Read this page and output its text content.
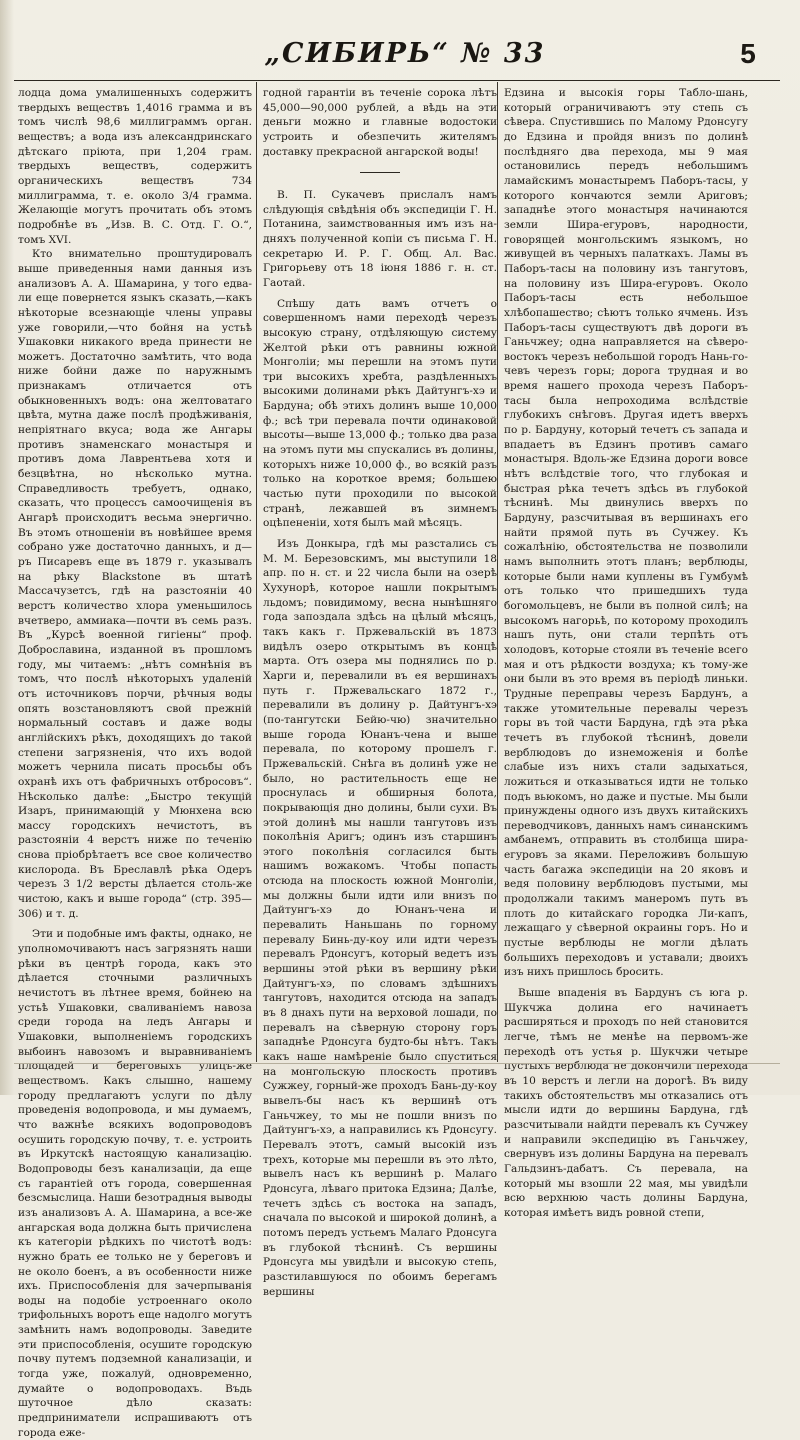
„СИБИРЬ“ № 33	5

лодца дома умалишенныхъ содержитъ твердыхъ веществъ 1,4016 грамма и въ томъ числѣ 98,6 миллиграммъ орган. веществъ; а вода изъ александринскаго дѣтскаго пріюта, при 1,204 грам. твердыхъ веществъ, содержитъ органическихъ веществъ 734 миллиграмма, т. е. около 3/4 грамма. Желающіе могутъ прочитать объ этомъ подробнѣе въ „Изв. В. С. Отд. Г. О.“, томъ XVI.

Кто внимательно проштудировалъ выше приведенныя нами данныя изъ анализовъ А. А. Шамарина, у того едва-ли еще повернется языкъ сказать,—какъ нѣкоторые всезнающіе члены управы уже говорили,—что бойня на устьѣ Ушаковки никакого вреда принести не можетъ. Достаточно замѣтить, что вода ниже бойни даже по наружнымъ признакамъ отличается отъ обыкновенныхъ водъ: она желтоватаго цвѣта, мутна даже послѣ продѣживанія, непріятнаго вкуса; вода же Ангары противъ знаменскаго монастыря и противъ дома Лаврентьева хотя и безцвѣтна, но нѣсколько мутна. Справедливость требуетъ, однако, сказать, что процессъ самоочищенія въ Ангарѣ происходитъ весьма энергично. Въ этомъ отношеніи въ новѣйшее время собрано уже достаточно данныхъ, и д—ръ Писаревъ еще въ 1879 г. указывалъ на рѣку Blackstone въ штатѣ Массачузетсъ, гдѣ на разстояніи 40 верстъ количество хлора уменьшилось вчетверо, аммиака—почти въ семь разъ. Въ „Курсѣ военной гигіены“ проф. Доброславина, изданной въ прошломъ году, мы читаемъ: „нѣтъ сомнѣнія въ томъ, что послѣ нѣкоторыхъ удаленій отъ источниковъ порчи, рѣчныя воды опять возстановляютъ свой прежній нормальный составъ и даже воды англійскихъ рѣкъ, доходящихъ до такой степени загрязненія, что ихъ водой можетъ чернила писать просьбы объ охранѣ ихъ отъ фабричныхъ отбросовъ“. Нѣсколько далѣе: „Быстро текущій Изаръ, принимающій у Мюнхена всю массу городскихъ нечистотъ, въ разстояніи 4 верстъ ниже по теченію снова пріобрѣтаетъ все свое количество кислорода. Въ Бреславлѣ рѣка Одеръ черезъ 3 1/2 версты дѣлается столь-же чистою, какъ и выше города“ (стр. 395—306) и т. д.

Эти и подобные имъ факты, однако, не уполномочиваютъ насъ загрязнять наши рѣки въ центрѣ города, какъ это дѣлается сточными различныхъ нечистотъ въ лѣтнее время, бойнею на устьѣ Ушаковки, сваливаніемъ навоза среди города на ледъ Ангары и Ушаковки, выполненіемъ городскихъ выбоинъ навозомъ и выравниваніемъ площадей и береговыхъ улицъ-же веществомъ. Какъ слышно, нашему городу предлагаютъ услуги по дѣлу проведенія водопровода, и мы думаемъ, что важнѣе всякихъ водопроводовъ осушить городскую почву, т. е. устроить въ Иркутскѣ настоящую канализацію. Водопроводы безъ канализаціи, да еще съ гарантіей отъ города, совершенная безсмыслица. Наши безотрадныя выводы изъ анализовъ А. А. Шамарина, а все-же ангарская вода должна быть причислена къ категоріи рѣдкихъ по чистотѣ водъ: нужно брать ее только не у береговъ и не около боенъ, а въ особенности ниже ихъ. Приспособленія для зачерпыванія воды на подобіе устроеннаго около трифольныхъ воротъ еще надолго могутъ замѣнить намъ водопроводы. Заведите эти приспособленія, осушите городскую почву путемъ подземной канализаціи, и тогда уже, пожалуй, одновременно, думайте о водопроводахъ. Въдь шуточное дѣло сказать: предприниматели испрашиваютъ отъ города еже-

годной гарантіи въ теченіе сорока лѣтъ 45,000—90,000 рублей, а вѣдь на эти деньги можно и главные водостоки устроить и обезпечить жителямъ доставку прекрасной ангарской воды!

В. П. Сукачевъ прислалъ намъ слѣдующія свѣдѣнія объ экспедиціи Г. Н. Потанина, заимствованныя имъ изъ на-дняхъ полученной копіи съ письма Г. Н. секретарю И. Р. Г. Общ. Ал. Вас. Григорьеву отъ 18 іюня 1886 г. н. ст. Гаотай.

Спѣшу дать вамъ отчетъ о совершенномъ нами переходѣ черезъ высокую страну, отдѣляющую систему Желтой рѣки отъ равнины южной Монголіи; мы перешли на этомъ пути три высокихъ хребта, раздѣленныхъ высокими долинами рѣкъ Дайтунгъ-хэ и Бардуна; обѣ этихъ долинъ выше 10,000 ф.; всѣ три перевала почти одинаковой высоты—выше 13,000 ф.; только два раза на этомъ пути мы спускались въ долины, которыхъ ниже 10,000 ф., во всякій разъ только на короткое время; большею частью пути проходили по высокой странѣ, лежавшей въ зимнемъ оцѣпененіи, хотя былъ май мѣсяцъ.

Изъ Донкыра, гдѣ мы разстались съ М. М. Березовскимъ, мы выступили 18 апр. по н. ст. и 22 числа были на озерѣ Хухунорѣ, которое нашли покрытымъ льдомъ; повидимому, весна нынѣшняго года запоздала здѣсь на цѣлый мѣсяцъ, такъ какъ г. Пржевальскій въ 1873 видѣлъ озеро открытымъ въ концѣ марта. Отъ озера мы поднялись по р. Харги и, перевалили въ ея вершинахъ путь г. Пржевальскаго 1872 г., перевалили въ долину р. Дайтунгъ-хэ (по-тангутски Бейю-чю) значительно выше города Юнанъ-чена и выше перевала, по которому прошелъ г. Пржевальскій. Снѣга въ долинѣ уже не было, но растительность еще не проснулась и обширныя болота, покрывающія дно долины, были сухи. Въ этой долинѣ мы нашли тангутовъ изъ поколѣнія Аригъ; одинъ изъ старшинъ этого поколѣнія согласился быть нашимъ вожакомъ. Чтобы попасть отсюда на плоскость южной Монголіи, мы должны были идти или внизъ по Дайтунгъ-хэ до Юнанъ-чена и перевалить Наньшань по горному перевалу Бинь-ду-коу или идти черезъ перевалъ Рдонсугъ, который ведетъ изъ вершины этой рѣки въ вершину рѣки Дайтунгъ-хэ, по словамъ здѣшнихъ тангутовъ, находится отсюда на западъ въ 8 днахъ пути на верховой лошади, по перевалъ на сѣверную сторону горъ западнѣе Рдонсуга будто-бы нѣтъ. Такъ какъ наше намѣреніе было спуститься на монгольскую плоскость противъ Сужжеу, горный-же проходъ Бань-ду-коу вывелъ-бы насъ къ вершинѣ отъ Ганьчжеу, то мы не пошли внизъ по Дайтунгъ-хэ, а направились къ Рдонсугу. Перевалъ этотъ, самый высокій изъ трехъ, которые мы перешли въ это лѣто, вывелъ насъ къ вершинѣ р. Малаго Рдонсуга, лѣваго притока Едзина; Далѣе, течетъ здѣсь съ востока на западъ, сначала по высокой и широкой долинѣ, а потомъ передъ устьемъ Малаго Рдонсуга въ глубокой тѣснинѣ. Съ вершины Рдонсуга мы увидѣли и высокую степь, разстилавшуюся по обоимъ берегамъ вершины

Едзина и высокія горы Табло-шань, который ограничиваютъ эту степь съ сѣвера. Спустившись по Малому Рдонсугу до Едзина и пройдя внизъ по долинѣ послѣдняго два перехода, мы 9 мая остановились передъ небольшимъ ламайскимъ монастыремъ Паборъ-тасы, у которого кончаются земли Ариговъ; западнѣе этого монастыря начинаются земли Шира-егуровъ, народности, говорящей монгольскимъ языкомъ, но живущей въ черныхъ палаткахъ. Ламы въ Паборъ-тасы на половину изъ тангутовъ, на половину изъ Шира-егуровъ. Около Паборъ-тасы есть небольшое хлѣбопашество; сѣютъ только ячмень. Изъ Паборъ-тасы существуютъ двѣ дороги въ Ганьчжеу; одна направляется на сѣверо-востокъ черезъ небольшой городъ Нань-го-чевъ черезъ горы; дорога трудная и во время нашего прохода черезъ Паборъ-тасы была непроходима вслѣдствіе глубокихъ снѣговъ. Другая идетъ вверхъ по р. Бардуну, который течетъ съ запада и впадаетъ въ Едзинъ противъ самаго монастыря. Вдоль-же Едзина дороги вовсе нѣтъ вслѣдствіе того, что глубокая и быстрая рѣка течетъ здѣсь въ глубокой тѣснинѣ. Мы двинулись вверхъ по Бардуну, разсчитывая въ вершинахъ его найти прямой путь въ Сучжеу. Къ сожалѣнію, обстоятельства не позволили намъ выполнить этотъ планъ; верблюды, которые были нами куплены въ Гумбумѣ отъ только что пришедшихъ туда богомольцевъ, не были въ полной силѣ; на высокомъ нагорьѣ, по которому проходилъ нашъ путь, они стали терпѣть отъ холодовъ, которые стояли въ теченіе всего мая и отъ рѣдкости воздуха; къ тому-же они были въ это время въ періодѣ линьки. Трудные переправы черезъ Бардунъ, а также утомительные перевалы черезъ горы въ той части Бардуна, гдѣ эта рѣка течетъ въ глубокой тѣснинѣ, довели верблюдовъ до изнеможенія и болѣе слабые изъ нихъ стали задыхаться, ложиться и отказываться идти не только подъ вьюкомъ, но даже и пустые. Мы были принуждены одного изъ двухъ китайскихъ переводчиковъ, данныхъ намъ синанскимъ амбанемъ, отправить въ столбища шира-егуровъ за яками. Переложивъ большую часть багажа экспедиціи на 20 яковъ и ведя половину верблюдовъ пустыми, мы продолжали такимъ манеромъ путь въ плоть до китайскаго городка Ли-капъ, лежащаго у сѣверной окраины горъ. Но и пустые верблюды не могли дѣлать большихъ переходовъ и уставали; двоихъ изъ нихъ пришлось бросить.

Выше впаденія въ Бардунъ съ юга р. Шукчжа долина его начинаетъ расширяться и проходъ по ней становится легче, тѣмъ не менѣе на первомъ-же переходѣ отъ устья р. Шукчжи четыре пустыхъ верблюда не докончили перехода въ 10 верстъ и легли на дорогѣ. Въ виду такихъ обстоятельствъ мы отказались отъ мысли идти до вершины Бардуна, гдѣ разсчитывали найдти перевалъ къ Сучжеу и направили экспедицію въ Ганьчжеу, свернувъ изъ долины Бардуна на перевалъ Гальдзинъ-дабатъ. Съ перевала, на который мы взошли 22 мая, мы увидѣли всю верхнюю часть долины Бардуна, которая имѣетъ видъ ровной степи,
